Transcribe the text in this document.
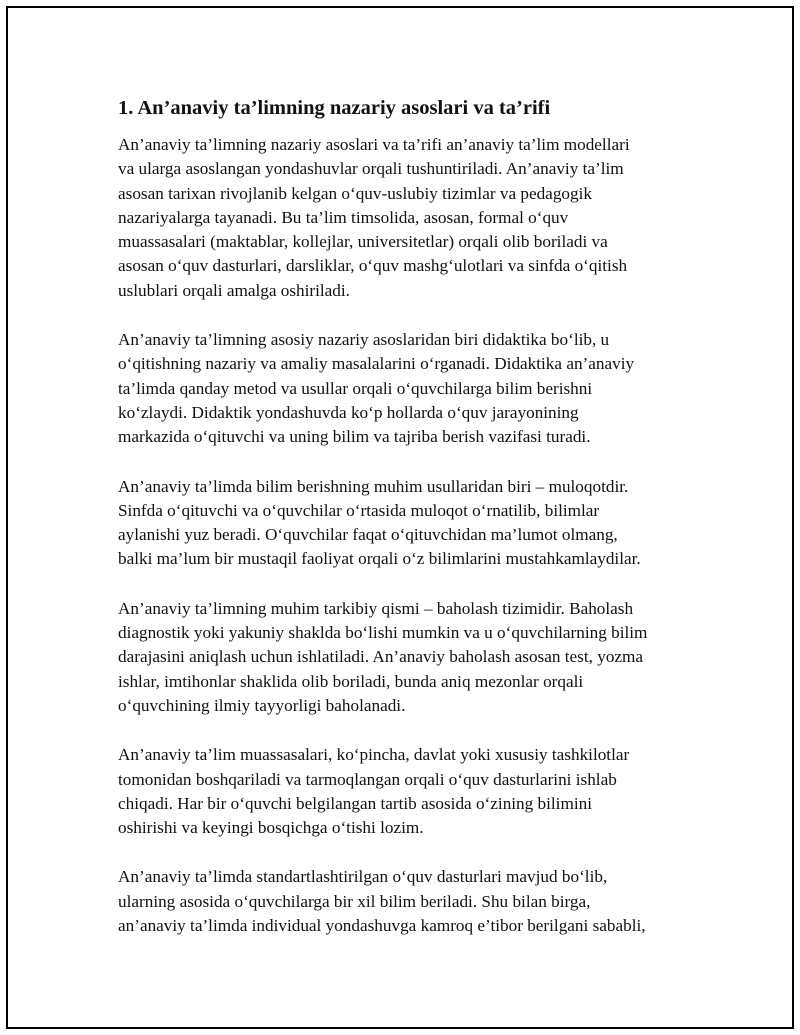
1. An’anaviy ta’limning nazariy asoslari va ta’rifi
An’anaviy ta’limning nazariy asoslari va ta’rifi an’anaviy ta’lim modellari
va ularga asoslangan yondashuvlar orqali tushuntiriladi. An’anaviy ta’lim
asosan tarixan rivojlanib kelgan o‘quv-uslubiy tizimlar va pedagogik
nazariyalarga tayanadi. Bu ta’lim timsolida, asosan, formal o‘quv
muassasalari (maktablar, kollejlar, universitetlar) orqali olib boriladi va
asosan o‘quv dasturlari, darsliklar, o‘quv mashg‘ulotlari va sinfda o‘qitish
uslublari orqali amalga oshiriladi.
An’anaviy ta’limning asosiy nazariy asoslaridan biri didaktika bo‘lib, u
o‘qitishning nazariy va amaliy masalalarini o‘rganadi. Didaktika an’anaviy
ta’limda qanday metod va usullar orqali o‘quvchilarga bilim berishni
ko‘zlaydi. Didaktik yondashuvda ko‘p hollarda o‘quv jarayonining
markazida o‘qituvchi va uning bilim va tajriba berish vazifasi turadi.
An’anaviy ta’limda bilim berishning muhim usullaridan biri – muloqotdir.
Sinfda o‘qituvchi va o‘quvchilar o‘rtasida muloqot o‘rnatilib, bilimlar
aylanishi yuz beradi. O‘quvchilar faqat o‘qituvchidan ma’lumot olmang,
balki ma’lum bir mustaqil faoliyat orqali o‘z bilimlarini mustahkamlaydilar.
An’anaviy ta’limning muhim tarkibiy qismi – baholash tizimidir. Baholash
diagnostik yoki yakuniy shaklda bo‘lishi mumkin va u o‘quvchilarning bilim
darajasini aniqlash uchun ishlatiladi. An’anaviy baholash asosan test, yozma
ishlar, imtihonlar shaklida olib boriladi, bunda aniq mezonlar orqali
o‘quvchining ilmiy tayyorligi baholanadi.
An’anaviy ta’lim muassasalari, ko‘pincha, davlat yoki xususiy tashkilotlar
tomonidan boshqariladi va tarmoqlangan orqali o‘quv dasturlarini ishlab
chiqadi. Har bir o‘quvchi belgilangan tartib asosida o‘zining bilimini
oshirishi va keyingi bosqichga o‘tishi lozim.
An’anaviy ta’limda standartlashtirilgan o‘quv dasturlari mavjud bo‘lib,
ularning asosida o‘quvchilarga bir xil bilim beriladi. Shu bilan birga,
an’anaviy ta’limda individual yondashuvga kamroq e’tibor berilgani sababli,
